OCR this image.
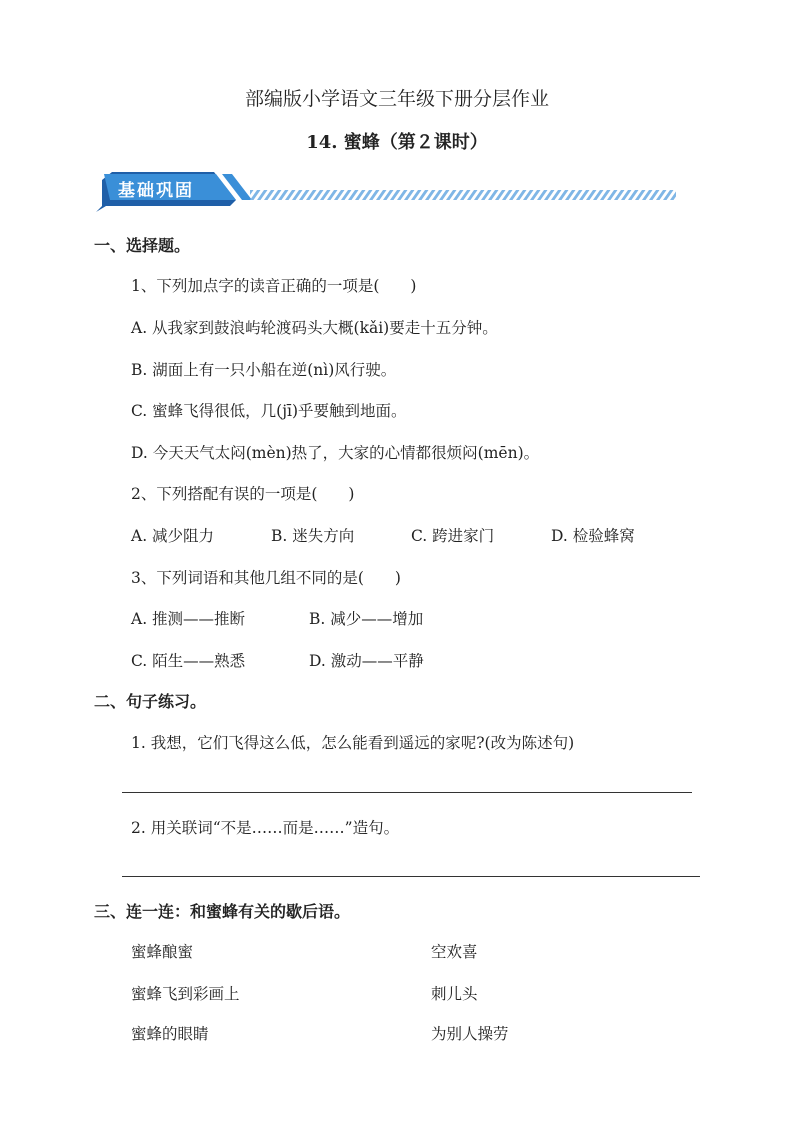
部编版小学语文三年级下册分层作业
14. 蜜蜂（第２课时）
基础巩固
一、选择题。
1、下列加点字的读音正确的一项是(　　)
A. 从我家到鼓浪屿轮渡码头大概(kǎi)要走十五分钟。
B. 湖面上有一只小船在逆(nì)风行驶。
C. 蜜蜂飞得很低，几(jī)乎要触到地面。
D. 今天天气太闷(mèn)热了，大家的心情都很烦闷(mēn)。
2、下列搭配有误的一项是(　　)
A. 减少阻力	B. 迷失方向	C. 跨进家门	D. 检验蜂窝
3、下列词语和其他几组不同的是(　　)
A. 推测——推断	B. 减少——增加
C. 陌生——熟悉	D. 激动——平静
二、句子练习。
1. 我想，它们飞得这么低，怎么能看到遥远的家呢?(改为陈述句)
2. 用关联词“不是……而是……”造句。
三、连一连：和蜜蜂有关的歇后语。
蜜蜂酿蜜	空欢喜
蜜蜂飞到彩画上	刺儿头
蜜蜂的眼睛	为别人操劳
